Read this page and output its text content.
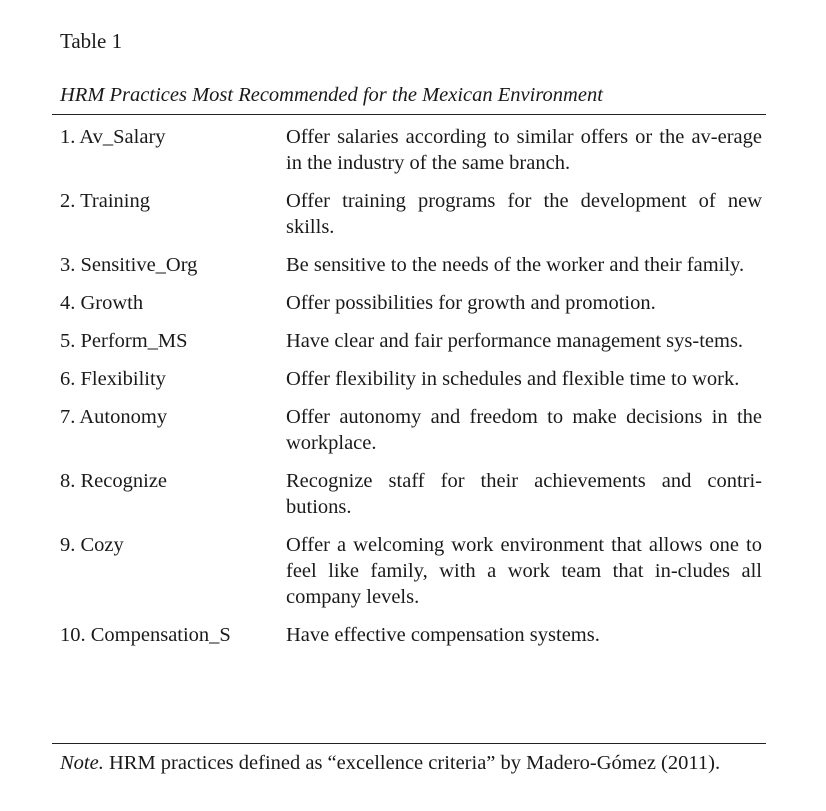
Table 1
HRM Practices Most Recommended for the Mexican Environment
1. Av_Salary	Offer salaries according to similar offers or the av-erage in the industry of the same branch.
2. Training	Offer training programs for the development of new skills.
3. Sensitive_Org	Be sensitive to the needs of the worker and their family.
4. Growth	Offer possibilities for growth and promotion.
5. Perform_MS	Have clear and fair performance management sys-tems.
6. Flexibility	Offer flexibility in schedules and flexible time to work.
7. Autonomy	Offer autonomy and freedom to make decisions in the workplace.
8. Recognize	Recognize staff for their achievements and contri-butions.
9. Cozy	Offer a welcoming work environment that allows one to feel like family, with a work team that in-cludes all company levels.
10. Compensation_S	Have effective compensation systems.
Note. HRM practices defined as “excellence criteria” by Madero-Gómez (2011).
